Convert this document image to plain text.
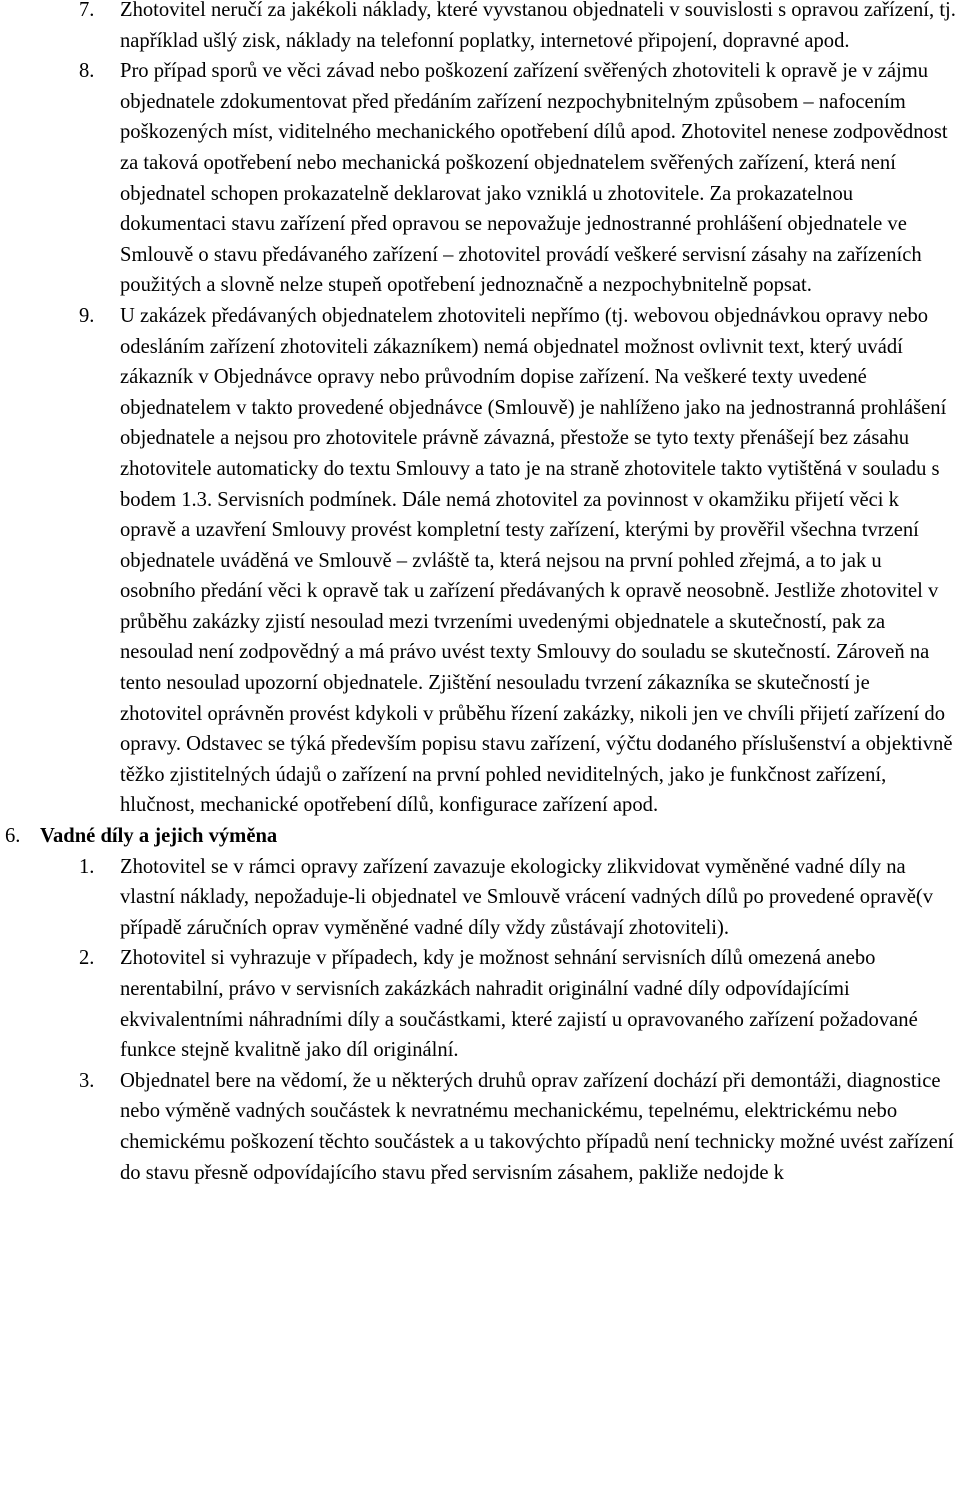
7. Zhotovitel neručí za jakékoli náklady, které vyvstanou objednateli v souvislosti s opravou zařízení, tj. například ušlý zisk, náklady na telefonní poplatky, internetové připojení, dopravné apod.

8. Pro případ sporů ve věci závad nebo poškození zařízení svěřených zhotoviteli k opravě je v zájmu objednatele zdokumentovat před předáním zařízení nezpochybnitelným způsobem – nafocením poškozených míst, viditelného mechanického opotřebení dílů apod. Zhotovitel nenese zodpovědnost za taková opotřebení nebo mechanická poškození objednatelem svěřených zařízení, která není objednatel schopen prokazatelně deklarovat jako vzniklá u zhotovitele. Za prokazatelnou dokumentaci stavu zařízení před opravou se nepovažuje jednostranné prohlášení objednatele ve Smlouvě o stavu předávaného zařízení – zhotovitel provádí veškeré servisní zásahy na zařízeních použitých a slovně nelze stupeň opotřebení jednoznačně a nezpochybnitelně popsat.

9. U zakázek předávaných objednatelem zhotoviteli nepřímo (tj. webovou objednávkou opravy nebo odesláním zařízení zhotoviteli zákazníkem) nemá objednatel možnost ovlivnit text, který uvádí zákazník v Objednávce opravy nebo průvodním dopise zařízení. Na veškeré texty uvedené objednatelem v takto provedené objednávce (Smlouvě) je nahlíženo jako na jednostranná prohlášení objednatele a nejsou pro zhotovitele právně závazná, přestože se tyto texty přenášejí bez zásahu zhotovitele automaticky do textu Smlouvy a tato je na straně zhotovitele takto vytištěná v souladu s bodem 1.3. Servisních podmínek. Dále nemá zhotovitel za povinnost v okamžiku přijetí věci k opravě a uzavření Smlouvy provést kompletní testy zařízení, kterými by prověřil všechna tvrzení objednatele uváděná ve Smlouvě – zvláště ta, která nejsou na první pohled zřejmá, a to jak u osobního předání věci k opravě tak u zařízení předávaných k opravě neosobně. Jestliže zhotovitel v průběhu zakázky zjistí nesoulad mezi tvrzeními uvedenými objednatele a skutečností, pak za nesoulad není zodpovědný a má právo uvést texty Smlouvy do souladu se skutečností. Zároveň na tento nesoulad upozorní objednatele. Zjištění nesouladu tvrzení zákazníka se skutečností je zhotovitel oprávněn provést kdykoli v průběhu řízení zakázky, nikoli jen ve chvíli přijetí zařízení do opravy. Odstavec se týká především popisu stavu zařízení, výčtu dodaného příslušenství a objektivně těžko zjistitelných údajů o zařízení na první pohled neviditelných, jako je funkčnost zařízení, hlučnost, mechanické opotřebení dílů, konfigurace zařízení apod.

6. Vadné díly a jejich výměna
1. Zhotovitel se v rámci opravy zařízení zavazuje ekologicky zlikvidovat vyměněné vadné díly na vlastní náklady, nepožaduje-li objednatel ve Smlouvě vrácení vadných dílů po provedené opravě(v případě záručních oprav vyměněné vadné díly vždy zůstávají zhotoviteli).

2. Zhotovitel si vyhrazuje v případech, kdy je možnost sehnání servisních dílů omezená anebo nerentabilní, právo v servisních zakázkách nahradit originální vadné díly odpovídajícími ekvivalentními náhradními díly a součástkami, které zajistí u opravovaného zařízení požadované funkce stejně kvalitně jako díl originální.

3. Objednatel bere na vědomí, že u některých druhů oprav zařízení dochází při demontáži, diagnostice nebo výměně vadných součástek k nevratnému mechanickému, tepelnému, elektrickému nebo chemickému poškození těchto součástek a u takovýchto případů není technicky možné uvést zařízení do stavu přesně odpovídajícího stavu před servisním zásahem, pakliže nedojde k
